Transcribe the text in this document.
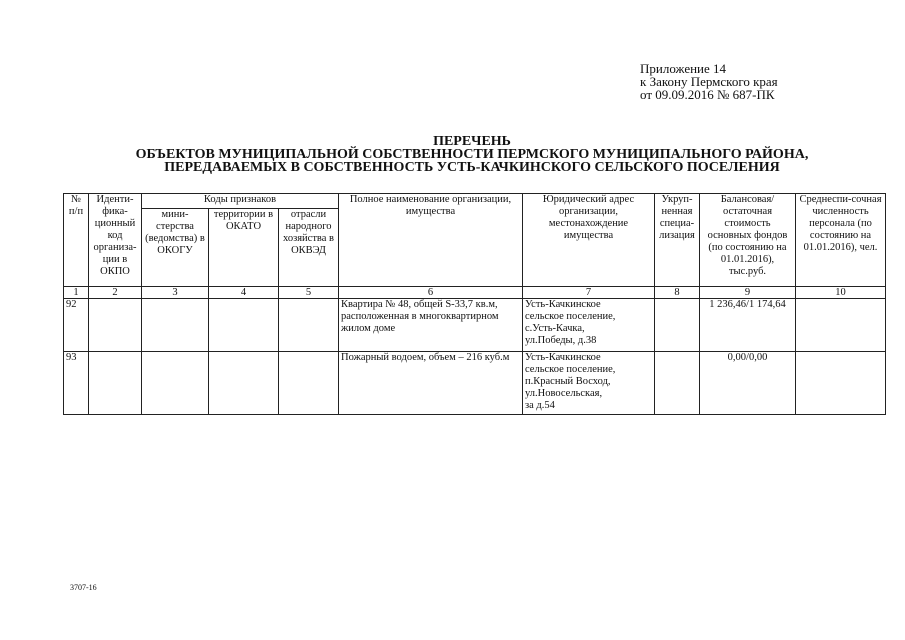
Приложение 14
к Закону Пермского края
от 09.09.2016 № 687-ПК
ПЕРЕЧЕНЬ
ОБЪЕКТОВ МУНИЦИПАЛЬНОЙ СОБСТВЕННОСТИ ПЕРМСКОГО МУНИЦИПАЛЬНОГО РАЙОНА,
ПЕРЕДАВАЕМЫХ В СОБСТВЕННОСТЬ УСТЬ-КАЧКИНСКОГО СЕЛЬСКОГО ПОСЕЛЕНИЯ
№ п/п	Иденти-фика-ционный код организа-ции в ОКПО	Коды признаков			Полное наименование организации, имущества	Юридический адрес организации, местонахождение имущества	Укруп-ненная специа-лизация	Балансовая/ остаточная стоимость основных фондов (по состоянию на 01.01.2016), тыс.руб.	Среднеспи-сочная численность персонала (по состоянию на 01.01.2016), чел.
		мини-стерства (ведомства) в ОКОГУ	территории в ОКАТО	отрасли народного хозяйства в ОКВЭД					
1	2	3	4	5	6	7	8	9	10
92					Квартира № 48, общей S-33,7 кв.м, расположенная в многоквартирном жилом доме	Усть-Качкинское
сельское поселение,
с.Усть-Качка,
ул.Победы, д.38		1 236,46/1 174,64	
93					Пожарный водоем, объем – 216 куб.м	Усть-Качкинское
сельское поселение,
п.Красный Восход,
ул.Новосельская,
за д.54		0,00/0,00	
3707-16
